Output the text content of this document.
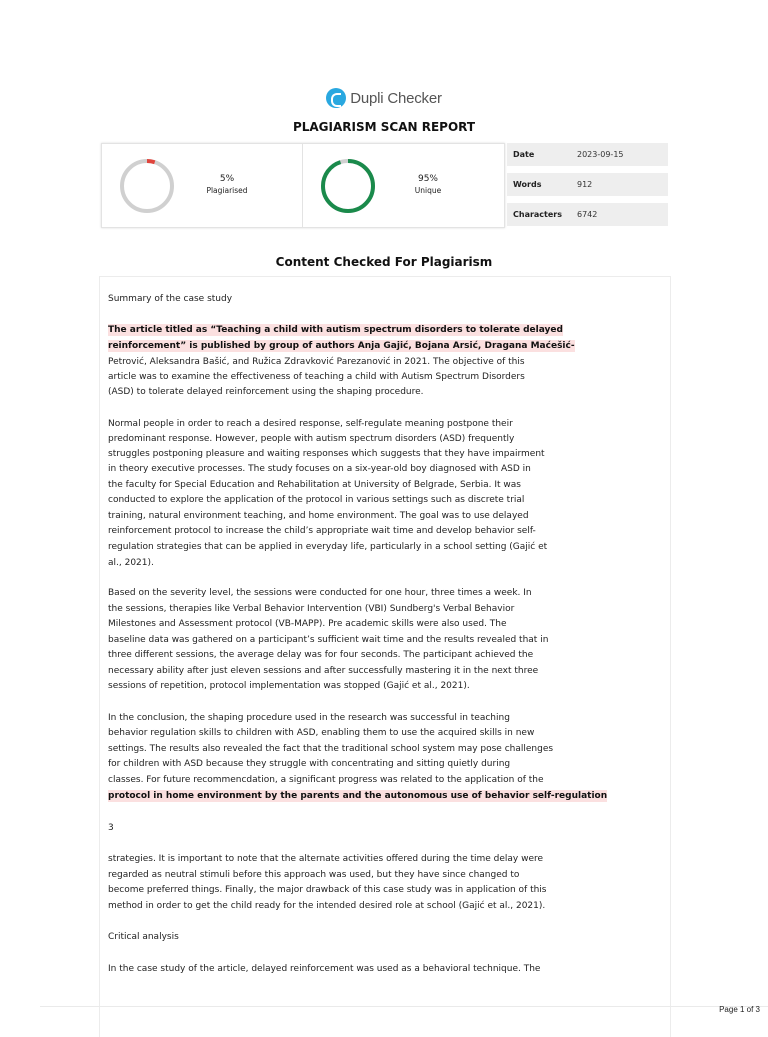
Dupli Checker
PLAGIARISM SCAN REPORT
5%
Plagiarised
95%
Unique
Date	2023-09-15
Words	912
Characters	6742
Content Checked For Plagiarism
Summary of the case study
The article titled as “Teaching a child with autism spectrum disorders to tolerate delayed
reinforcement” is published by group of authors Anja Gajić, Bojana Arsić, Dragana Maćešić-
Petrović, Aleksandra Bašić, and Ružica Zdravković Parezanović in 2021. The objective of this
article was to examine the effectiveness of teaching a child with Autism Spectrum Disorders
(ASD) to tolerate delayed reinforcement using the shaping procedure.
Normal people in order to reach a desired response, self-regulate meaning postpone their
predominant response. However, people with autism spectrum disorders (ASD) frequently
struggles postponing pleasure and waiting responses which suggests that they have impairment
in theory executive processes. The study focuses on a six-year-old boy diagnosed with ASD in
the faculty for Special Education and Rehabilitation at University of Belgrade, Serbia. It was
conducted to explore the application of the protocol in various settings such as discrete trial
training, natural environment teaching, and home environment. The goal was to use delayed
reinforcement protocol to increase the child’s appropriate wait time and develop behavior self-
regulation strategies that can be applied in everyday life, particularly in a school setting (Gajić et
al., 2021).
Based on the severity level, the sessions were conducted for one hour, three times a week. In
the sessions, therapies like Verbal Behavior Intervention (VBI) Sundberg's Verbal Behavior
Milestones and Assessment protocol (VB-MAPP). Pre academic skills were also used. The
baseline data was gathered on a participant’s sufficient wait time and the results revealed that in
three different sessions, the average delay was for four seconds. The participant achieved the
necessary ability after just eleven sessions and after successfully mastering it in the next three
sessions of repetition, protocol implementation was stopped (Gajić et al., 2021).
In the conclusion, the shaping procedure used in the research was successful in teaching
behavior regulation skills to children with ASD, enabling them to use the acquired skills in new
settings. The results also revealed the fact that the traditional school system may pose challenges
for children with ASD because they struggle with concentrating and sitting quietly during
classes. For future recommencdation, a significant progress was related to the application of the
protocol in home environment by the parents and the autonomous use of behavior self-regulation
3
strategies. It is important to note that the alternate activities offered during the time delay were
regarded as neutral stimuli before this approach was used, but they have since changed to
become preferred things. Finally, the major drawback of this case study was in application of this
method in order to get the child ready for the intended desired role at school (Gajić et al., 2021).
Critical analysis
In the case study of the article, delayed reinforcement was used as a behavioral technique. The
Page 1 of 3
